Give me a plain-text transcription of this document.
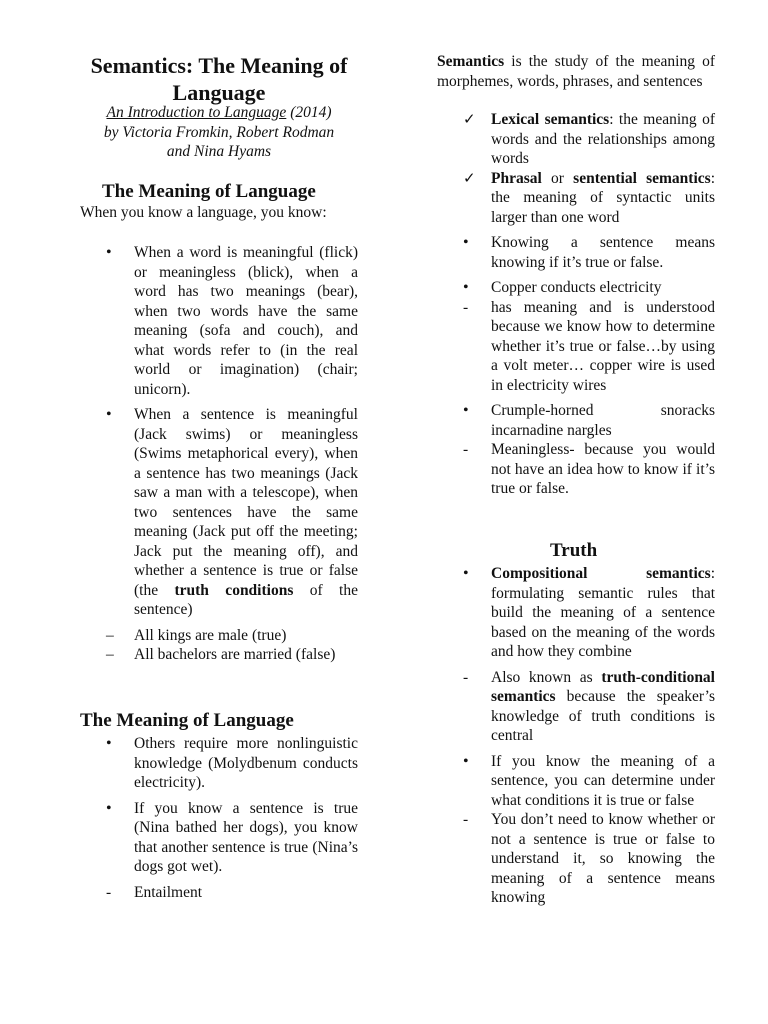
Semantics: The Meaning of Language
An Introduction to Language (2014)
by Victoria Fromkin, Robert Rodman
and Nina Hyams
The Meaning of Language
When you know a language, you know:
•
When a word is meaningful (flick) or meaningless (blick), when a word has two meanings (bear), when two words have the same meaning (sofa and couch), and what words refer to (in the real world or imagination) (chair; unicorn).
•
When a sentence is meaningful (Jack swims) or meaningless (Swims metaphorical every), when a sentence has two meanings (Jack saw a man with a telescope), when two sentences have the same meaning (Jack put off the meeting; Jack put the meaning off), and whether a sentence is true or false (the truth conditions of the sentence)
–
All kings are male (true)
–
All bachelors are married (false)
The Meaning of Language
•
Others require more nonlinguistic knowledge (Molydbenum conducts electricity).
•
If you know a sentence is true (Nina bathed her dogs), you know that another sentence is true (Nina’s dogs got wet).
-
Entailment
Semantics is the study of the meaning of morphemes, words, phrases, and sentences
✓
Lexical semantics: the meaning of words and the relationships among words
✓
Phrasal or sentential semantics: the meaning of syntactic units larger than one word
•
Knowing a sentence means knowing if it’s true or false.
•
Copper conducts electricity
-
has meaning and is understood because we know how to determine whether it’s true or false…by using a volt meter… copper wire is used in electricity wires
•
Crumple-horned snoracks incarnadine nargles
-
Meaningless- because you would not have an idea how to know if it’s true or false.
Truth
•
Compositional semantics: formulating semantic rules that build the meaning of a sentence based on the meaning of the words and how they combine
-
Also known as truth-conditional semantics because the speaker’s knowledge of truth conditions is central
•
If you know the meaning of a sentence, you can determine under what conditions it is true or false
-
You don’t need to know whether or not a sentence is true or false to understand it, so knowing the meaning of a sentence means knowing
